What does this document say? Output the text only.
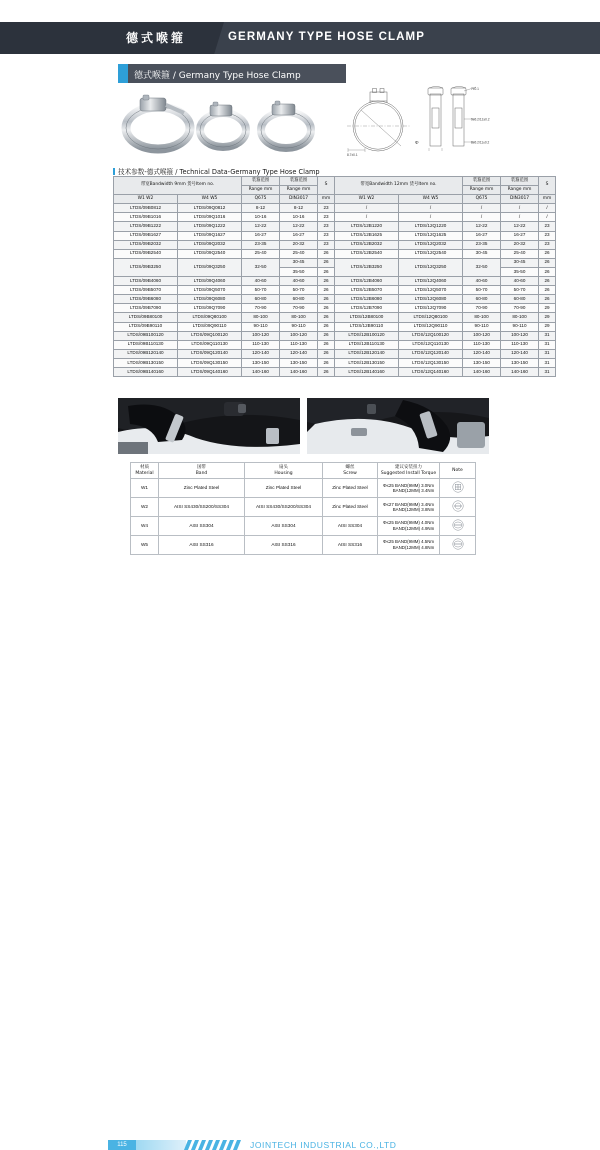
德式喉箍	GERMANY TYPE HOSE CLAMP
德式喉箍 / Germany Type Hose Clamp
8.7±0.1
Φ
7±0.1
9±0.2/12±0.2
8±0.2/11±0.2
技术参数-德式喉箍 / Technical Data-Germany Type Hose Clamp
带宽Bandwidth 9mm 货号Item no.		装箍范围	装箍范围	S	带宽Bandwidth 12mm 货号Item no.		装箍范围	装箍范围	S
		Range mm	Range mm				Range mm	Range mm	
W1 W2	W4 W5	Q675	DIN3017	mm	W1 W2	W4 W5	Q675	DIN3017	mm
LTDS/09B0812	LTDS/09Q0812	8-12	8-12	23	/	/	/	/	/
LTDS/09B1016	LTDS/09Q1016	10-16	10-16	23	/	/	/	/	/
LTDS/09B1222	LTDS/09Q1222	12-22	12-22	23	LTDS/12B1220	LTDS/12Q1220	12-22	12-22	23
LTDS/09B1627	LTDS/09Q1627	16-27	16-27	23	LTDS/12B1625	LTDS/12Q1625	16-27	16-27	23
LTDS/09B2032	LTDS/09Q2032	23-35	20-32	23	LTDS/12B2032	LTDS/12Q2032	23-35	20-32	23
LTDS/09B2540	LTDS/09Q2540	25-40	25-40	26	LTDS/12B2540	LTDS/12Q2540	30-45	25-40	26
LTDS/09B3250	LTDS/09Q3250	32-50	30-45	26	LTDS/12B3250	LTDS/12Q3250	32-50	30-45	26
			35-50	26				35-50	26
LTDS/09B4060	LTDS/09Q4060	40-60	40-60	26	LTDS/12B4060	LTDS/12Q4060	40-60	40-60	26
LTDS/09B5070	LTDS/09Q5070	50-70	50-70	26	LTDS/12B5070	LTDS/12Q5070	50-70	50-70	26
LTDS/09B6080	LTDS/09Q6080	60-80	60-80	26	LTDS/12B6080	LTDS/12Q6080	60-80	60-80	26
LTDS/09B7090	LTDS/09Q7090	70-90	70-90	26	LTDS/12B7090	LTDS/12Q7090	70-90	70-90	29
LTDS/09B80100	LTDS/09Q80100	80-100	80-100	26	LTDS/12B80100	LTDS/12Q80100	80-100	80-100	29
LTDS/09B90110	LTDS/09Q90110	90-110	90-110	26	LTDS/12B90110	LTDS/12Q90110	90-110	90-110	29
LTDS/09B100120	LTDS/09Q100120	100-120	100-120	26	LTDS/12B100120	LTDS/12Q100120	100-120	100-120	31
LTDS/09B110130	LTDS/09Q110130	110-130	110-130	26	LTDS/12B110130	LTDS/12Q110130	110-130	110-130	31
LTDS/09B120140	LTDS/09Q120140	120-140	120-140	26	LTDS/12B120140	LTDS/12Q120140	120-140	120-140	31
LTDS/09B130150	LTDS/09Q130150	130-150	130-150	26	LTDS/12B130150	LTDS/12Q130150	130-150	130-150	31
LTDS/09B140160	LTDS/09Q140160	140-160	140-160	26	LTDS/12B140160	LTDS/12Q140160	140-160	140-160	31
材质
Material

国带
Band

扇头
Housing

螺丝
Screw

建议安装扭力
Suggested Install Torque
	Note
W1	Zinc Plated Steel	Zinc Plated Steel	Zinc Plated Steel	Φ≤25 BAND(9MM) 3.0Nm
BAND(12MM) 3.4Nm

W2	AISI SS430/SS200/SS304	AISI SS430/SS200/SS304	Zinc Plated Steel	Φ≤27 BAND(9MM) 3.4Nm
BAND(12MM) 3.8Nm

W4	AISI SS304	AISI SS304	AISI SS304	Φ≤25 BAND(9MM) 4.0Nm
BAND(12MM) 4.9Nm

W5	AISI SS316	AISI SS316	AISI SS316	Φ≤25 BAND(9MM) 4.5Nm
BAND(12MM) 4.8Nm

115	JOINTECH INDUSTRIAL CO.,LTD
